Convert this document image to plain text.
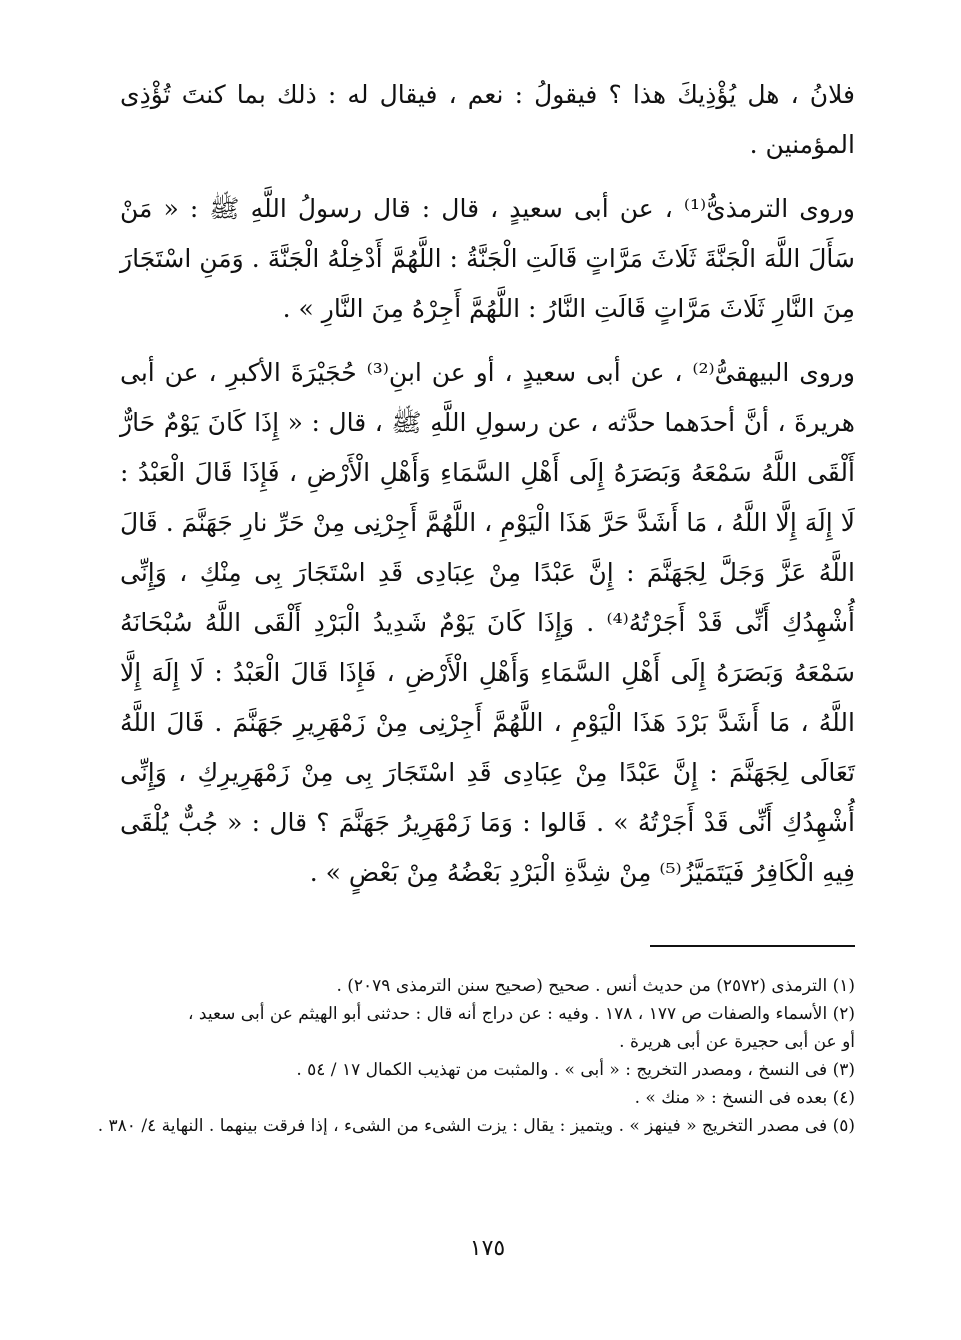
فلانُ ، هل يُؤْذِيكَ هذا ؟ فيقولُ : نعم ، فيقال له : ذلك بما كنتَ تُؤْذِى المؤمنين .

وروى الترمذىُّ⁽¹⁾ ، عن أبى سعيدٍ ، قال : قال رسولُ اللَّهِ ﷺ : « مَنْ سَأَلَ اللَّهَ الْجَنَّةَ ثَلَاثَ مَرَّاتٍ قَالَتِ الْجَنَّةُ : اللَّهُمَّ أَدْخِلْهُ الْجَنَّةَ . وَمَنِ اسْتَجَارَ مِنَ النَّارِ ثَلَاثَ مَرَّاتٍ قَالَتِ النَّارُ : اللَّهُمَّ أَجِرْهُ مِنَ النَّارِ » .

وروى البيهقىُّ⁽²⁾ ، عن أبى سعيدٍ ، أو عن ابنِ⁽³⁾ حُجَيْرَةَ الأكبرِ ، عن أبى هريرةَ ، أنَّ أحدَهما حدَّثه ، عن رسولِ اللَّهِ ﷺ ، قال : « إِذَا كَانَ يَوْمٌ حَارٌّ أَلْقَى اللَّهُ سَمْعَهُ وَبَصَرَهُ إِلَى أَهْلِ السَّمَاءِ وَأَهْلِ الْأَرْضِ ، فَإِذَا قَالَ الْعَبْدُ : لَا إِلَهَ إِلَّا اللَّهُ ، مَا أَشَدَّ حَرَّ هَذَا الْيَوْمِ ، اللَّهُمَّ أَجِرْنِى مِنْ حَرِّ نارِ جَهَنَّمَ . قَالَ اللَّهُ عَزَّ وَجَلَّ لِجَهَنَّمَ : إِنَّ عَبْدًا مِنْ عِبَادِى قَدِ اسْتَجَارَ بِى مِنْكِ ، وَإِنِّى أُشْهِدُكِ أَنِّى قَدْ أَجَرْتُهُ⁽⁴⁾ . وَإِذَا كَانَ يَوْمٌ شَدِيدُ الْبَرْدِ أَلْقَى اللَّهُ سُبْحَانَهُ سَمْعَهُ وَبَصَرَهُ إِلَى أَهْلِ السَّمَاءِ وَأَهْلِ الْأَرْضِ ، فَإِذَا قَالَ الْعَبْدُ : لَا إِلَهَ إِلَّا اللَّهُ ، مَا أَشَدَّ بَرْدَ هَذَا الْيَوْمِ ، اللَّهُمَّ أَجِرْنِى مِنْ زَمْهَرِيرِ جَهَنَّمَ . قَالَ اللَّهُ تَعَالَى لِجَهَنَّمَ : إِنَّ عَبْدًا مِنْ عِبَادِى قَدِ اسْتَجَارَ بِى مِنْ زَمْهَرِيرِكِ ، وَإِنِّى أُشْهِدُكِ أَنِّى قَدْ أَجَرْتُهُ » . قَالوا : وَمَا زَمْهَرِيرُ جَهَنَّمَ ؟ قال : « جُبٌّ يُلْقَى فِيهِ الْكَافِرُ فَيَتَمَيَّزُ⁽⁵⁾ مِنْ شِدَّةِ الْبَرْدِ بَعْضُهُ مِنْ بَعْضٍ » .

(١) الترمذى (٢٥٧٢) من حديث أنس . صحيح (صحيح سنن الترمذى ٢٠٧٩) .

(٢) الأسماء والصفات ص ١٧٧ ، ١٧٨ . وفيه : عن دراج أنه قال : حدثنى أبو الهيثم عن أبى سعيد ،

أو عن أبى حجيرة عن أبى هريرة .

(٣) فى النسخ ، ومصدر التخريج : « أبى » . والمثبت من تهذيب الكمال ١٧ / ٥٤ .

(٤) بعده فى النسخ : « منك » .

(٥) فى مصدر التخريج « فينهز » . ويتميز : يقال : يزت الشىء من الشىء ، إذا فرقت بينهما . النهاية ٤/ ٣٨٠ .

١٧٥
